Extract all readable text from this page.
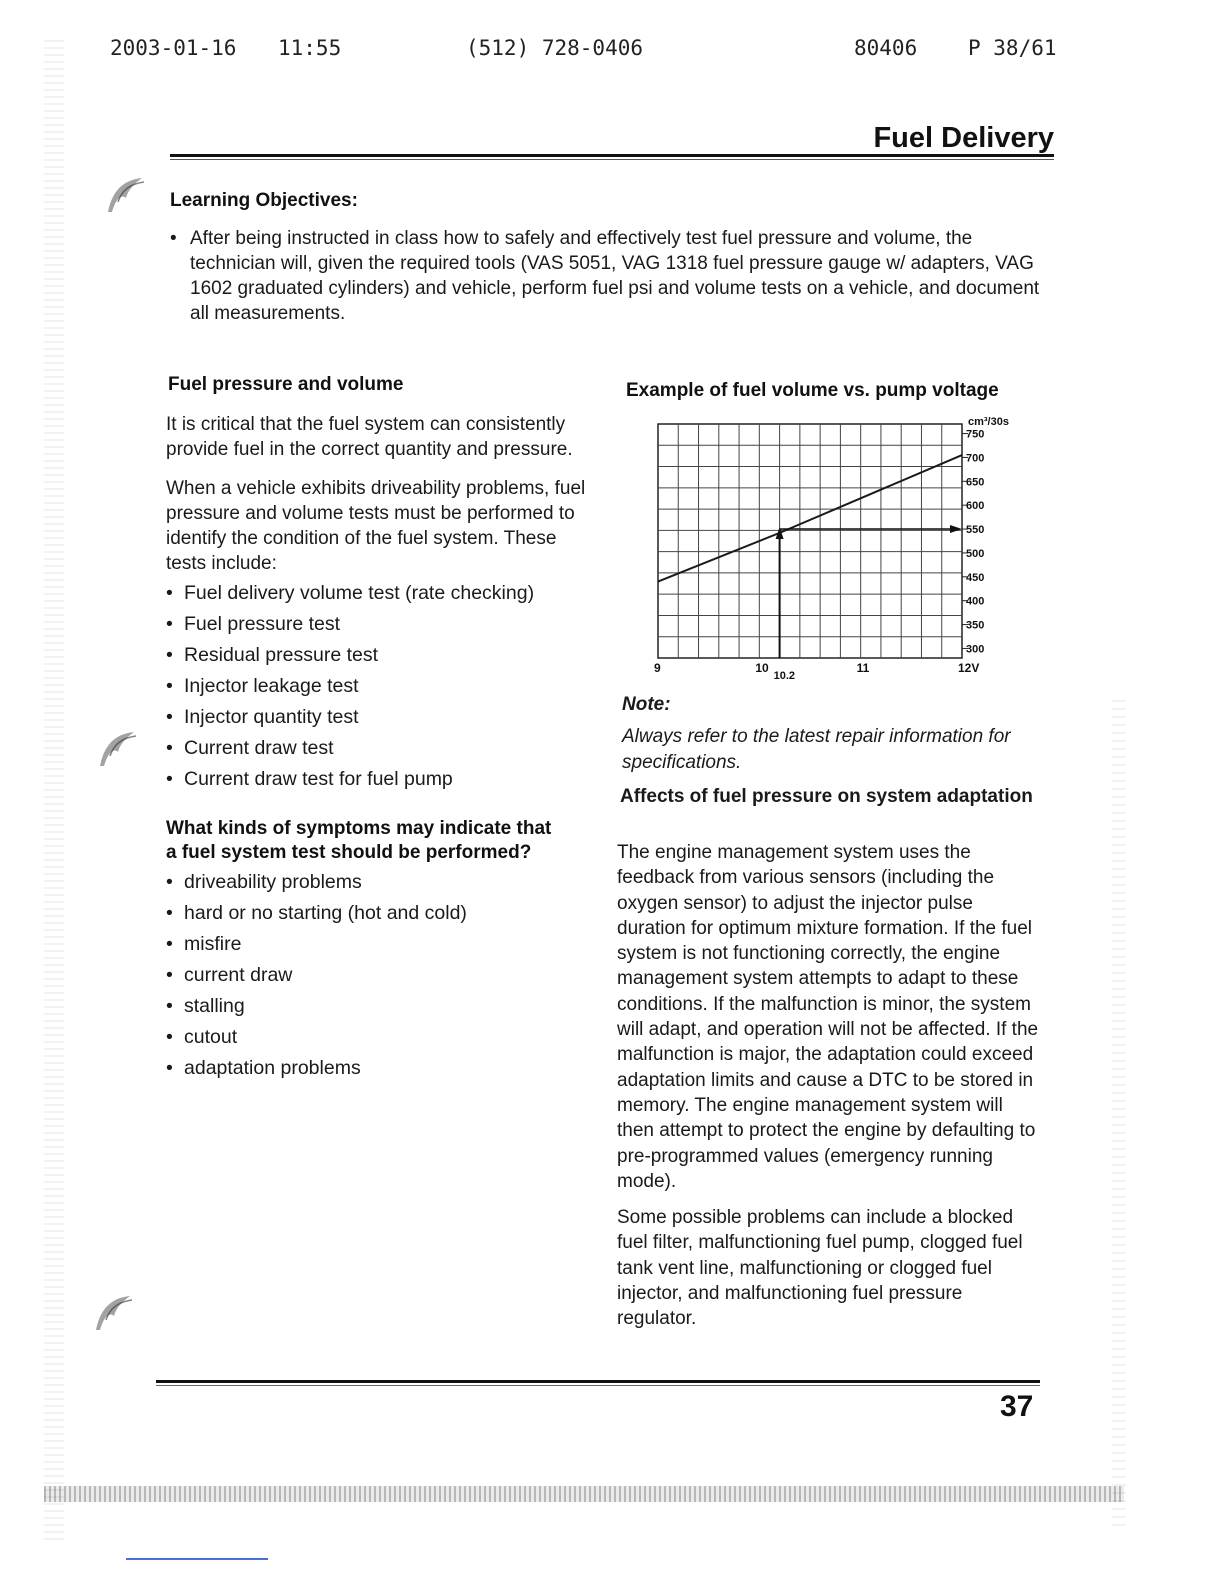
2003-01-16 11:55	(512) 728-0406	80406 P 38/61
Fuel Delivery
Learning Objectives:
• After being instructed in class how to safely and effectively test fuel pressure and volume, the technician will, given the required tools (VAS 5051, VAG 1318 fuel pressure gauge w/ adapters, VAG 1602 graduated cylinders) and vehicle, perform fuel psi and volume tests on a vehicle, and document all measurements.
Fuel pressure and volume

It is critical that the fuel system can consistently provide fuel in the correct quantity and pressure.

When a vehicle exhibits driveability problems, fuel pressure and volume tests must be performed to identify the condition of the fuel system. These tests include:

• Fuel delivery volume test (rate checking)
• Fuel pressure test
• Residual pressure test
• Injector leakage test
• Injector quantity test
• Current draw test
• Current draw test for fuel pump
What kinds of symptoms may indicate that a fuel system test should be performed?
• driveability problems
• hard or no starting (hot and cold)
• misfire
• current draw
• stalling
• cutout
• adaptation problems
Example of fuel volume vs. pump voltage
300
350
400
450
500
550
600
650
700
750
cm³/30s
9	10
10.2
11	12V
Note:
Always refer to the latest repair information for specifications.
Affects of fuel pressure on system adaptation

The engine management system uses the feedback from various sensors (including the oxygen sensor) to adjust the injector pulse duration for optimum mixture formation. If the fuel system is not functioning correctly, the engine management system attempts to adapt to these conditions. If the malfunction is minor, the system will adapt, and operation will not be affected. If the malfunction is major, the adaptation could exceed adaptation limits and cause a DTC to be stored in memory. The engine management system will then attempt to protect the engine by defaulting to pre-programmed values (emergency running mode).

Some possible problems can include a blocked fuel filter, malfunctioning fuel pump, clogged fuel tank vent line, malfunctioning or clogged fuel injector, and malfunctioning fuel pressure regulator.

37
